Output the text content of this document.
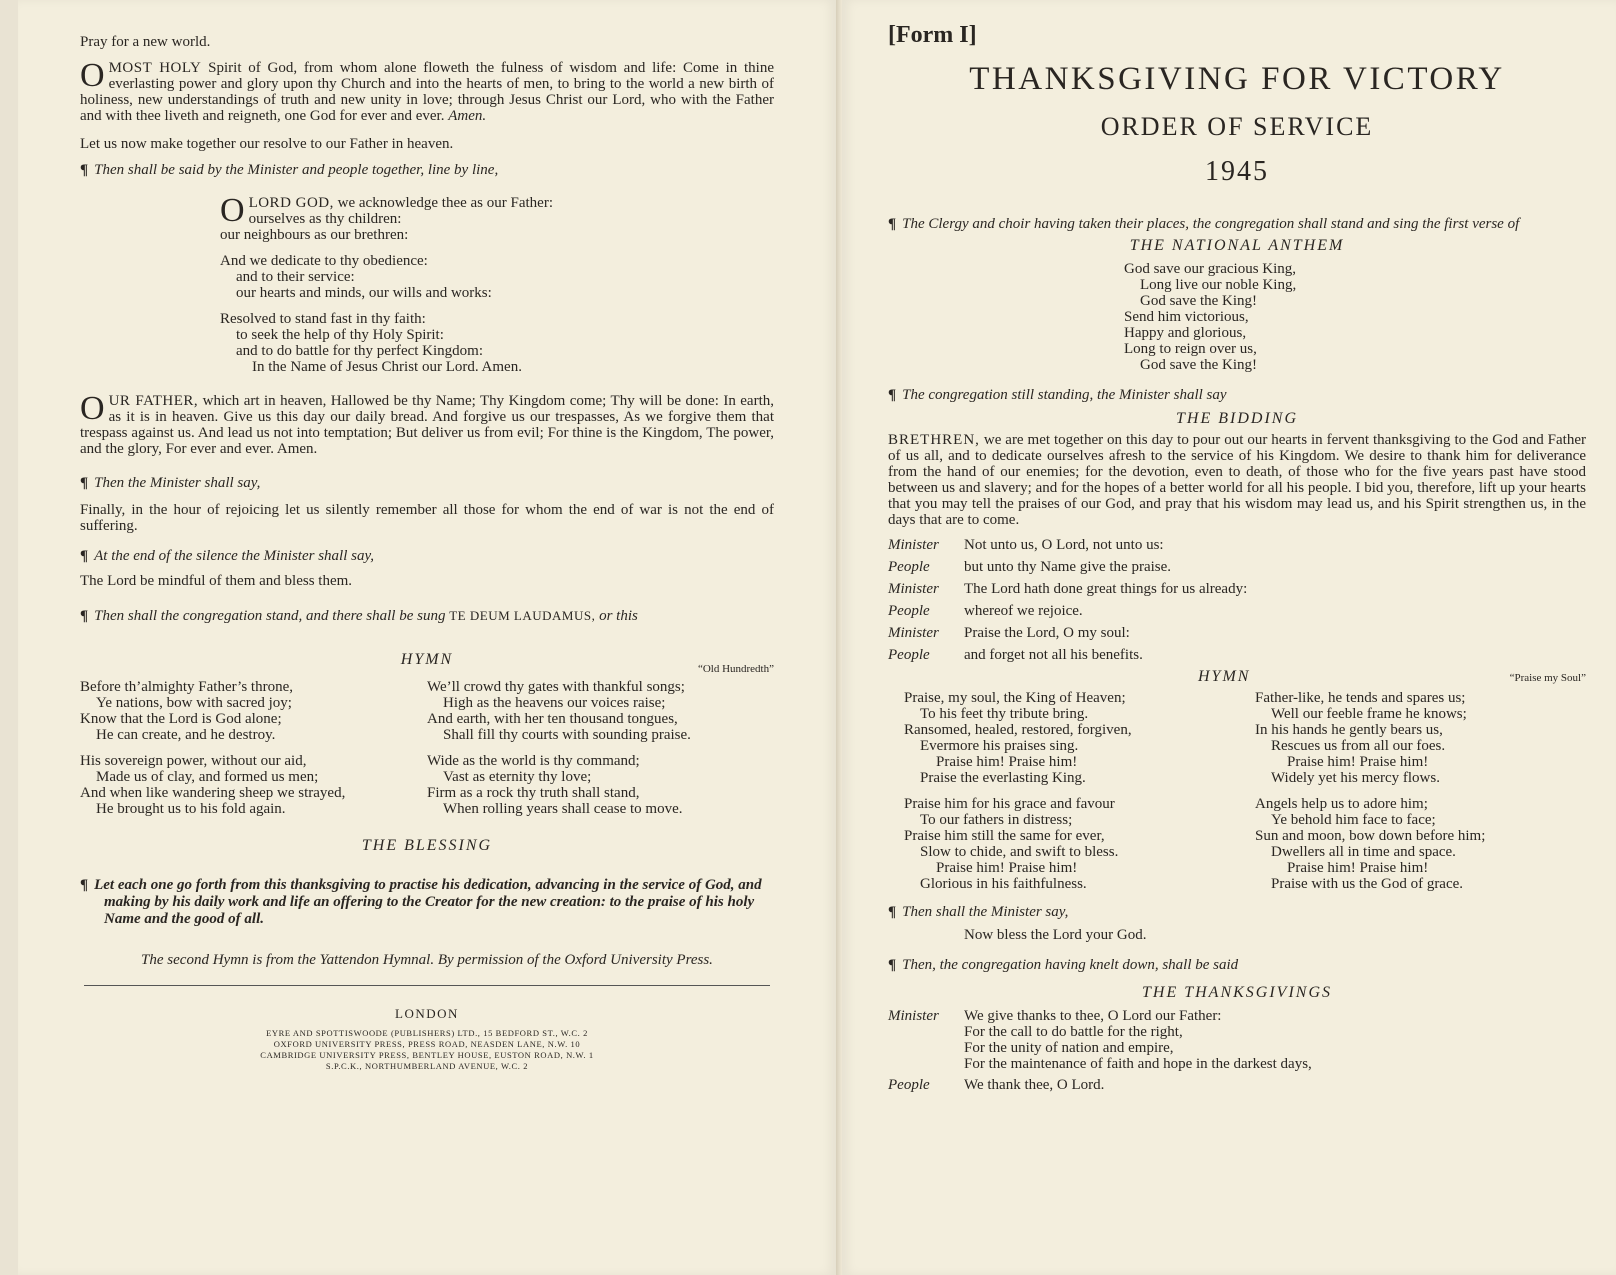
Pray for a new world.

OMOST HOLY Spirit of God, from whom alone floweth the fulness of wisdom and life: Come in thine everlasting power and glory upon thy Church and into the hearts of men, to bring to the world a new birth of holiness, new understandings of truth and new unity in love; through Jesus Christ our Lord, who with the Father and with thee liveth and reigneth, one God for ever and ever. Amen.

Let us now make together our resolve to our Father in heaven.

¶ Then shall be said by the Minister and people together, line by line,

OLORD GOD, we acknowledge thee as our Father:
ourselves as thy children:
our neighbours as our brethren:
And we dedicate to thy obedience:
and to their service:
our hearts and minds, our wills and works:
Resolved to stand fast in thy faith:
to seek the help of thy Holy Spirit:
and to do battle for thy perfect Kingdom:
In the Name of Jesus Christ our Lord. Amen.

OUR FATHER, which art in heaven, Hallowed be thy Name; Thy Kingdom come; Thy will be done: In earth, as it is in heaven. Give us this day our daily bread. And forgive us our trespasses, As we forgive them that trespass against us. And lead us not into temptation; But deliver us from evil; For thine is the Kingdom, The power, and the glory, For ever and ever. Amen.

¶ Then the Minister shall say,

Finally, in the hour of rejoicing let us silently remember all those for whom the end of war is not the end of suffering.

¶ At the end of the silence the Minister shall say,

The Lord be mindful of them and bless them.

¶ Then shall the congregation stand, and there shall be sung TE DEUM LAUDAMUS, or this

HYMN
“Old Hundredth”
Before th’almighty Father’s throne,
Ye nations, bow with sacred joy;
Know that the Lord is God alone;
He can create, and he destroy.
His sovereign power, without our aid,
Made us of clay, and formed us men;
And when like wandering sheep we strayed,
He brought us to his fold again.
We’ll crowd thy gates with thankful songs;
High as the heavens our voices raise;
And earth, with her ten thousand tongues,
Shall fill thy courts with sounding praise.
Wide as the world is thy command;
Vast as eternity thy love;
Firm as a rock thy truth shall stand,
When rolling years shall cease to move.
THE BLESSING

¶ Let each one go forth from this thanksgiving to practise his dedication, advancing in the service of God, and making by his daily work and life an offering to the Creator for the new creation: to the praise of his holy Name and the good of all.

The second Hymn is from the Yattendon Hymnal. By permission of the Oxford University Press.

LONDON
EYRE AND SPOTTISWOODE (PUBLISHERS) LTD., 15 BEDFORD ST., W.C. 2
OXFORD UNIVERSITY PRESS, PRESS ROAD, NEASDEN LANE, N.W. 10
CAMBRIDGE UNIVERSITY PRESS, BENTLEY HOUSE, EUSTON ROAD, N.W. 1
S.P.C.K., NORTHUMBERLAND AVENUE, W.C. 2
[Form I]
THANKSGIVING FOR VICTORY
ORDER OF SERVICE
1945

¶ The Clergy and choir having taken their places, the congregation shall stand and sing the first verse of

THE NATIONAL ANTHEM
God save our gracious King,
Long live our noble King,
God save the King!
Send him victorious,
Happy and glorious,
Long to reign over us,
God save the King!

¶ The congregation still standing, the Minister shall say

THE BIDDING

BRETHREN, we are met together on this day to pour out our hearts in fervent thanksgiving to the God and Father of us all, and to dedicate ourselves afresh to the service of his Kingdom. We desire to thank him for deliverance from the hand of our enemies; for the devotion, even to death, of those who for the five years past have stood between us and slavery; and for the hopes of a better world for all his people. I bid you, therefore, lift up your hearts that you may tell the praises of our God, and pray that his wisdom may lead us, and his Spirit strengthen us, in the days that are to come.

Minister	Not unto us, O Lord, not unto us:
People	but unto thy Name give the praise.
Minister	The Lord hath done great things for us already:
People	whereof we rejoice.
Minister	Praise the Lord, O my soul:
People	and forget not all his benefits.
HYMN	“Praise my Soul”
Praise, my soul, the King of Heaven;
To his feet thy tribute bring.
Ransomed, healed, restored, forgiven,
Evermore his praises sing.
Praise him! Praise him!
Praise the everlasting King.
Praise him for his grace and favour
To our fathers in distress;
Praise him still the same for ever,
Slow to chide, and swift to bless.
Praise him! Praise him!
Glorious in his faithfulness.
Father-like, he tends and spares us;
Well our feeble frame he knows;
In his hands he gently bears us,
Rescues us from all our foes.
Praise him! Praise him!
Widely yet his mercy flows.
Angels help us to adore him;
Ye behold him face to face;
Sun and moon, bow down before him;
Dwellers all in time and space.
Praise him! Praise him!
Praise with us the God of grace.

¶ Then shall the Minister say,

Now bless the Lord your God.

¶ Then, the congregation having knelt down, shall be said

THE THANKSGIVINGS
Minister	We give thanks to thee, O Lord our Father:
For the call to do battle for the right,
For the unity of nation and empire,
For the maintenance of faith and hope in the darkest days,
People	We thank thee, O Lord.
